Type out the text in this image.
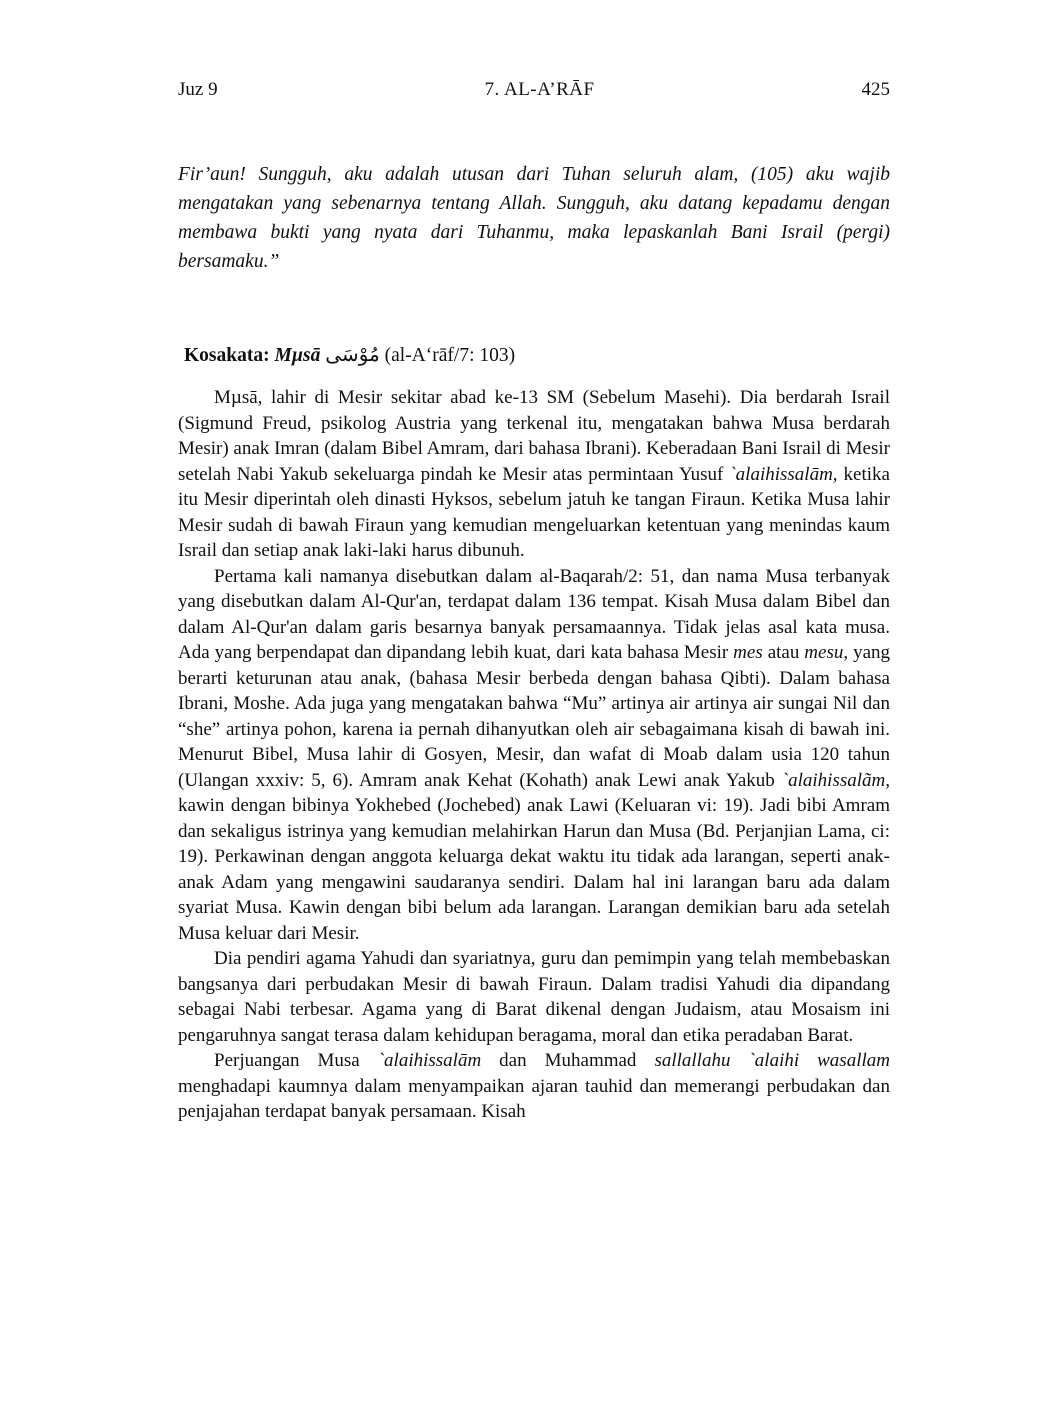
Juz 9	7. AL-A’RĀF	425
Fir’aun! Sungguh, aku adalah utusan dari Tuhan seluruh alam, (105) aku wajib mengatakan yang sebenarnya tentang Allah. Sungguh, aku datang kepadamu dengan membawa bukti yang nyata dari Tuhanmu, maka lepaskanlah Bani Israil (pergi) bersamaku.”
Kosakata: Mµsā مُوْسَى (al-A‘rāf/7: 103)

Mµsā, lahir di Mesir sekitar abad ke-13 SM (Sebelum Masehi). Dia berdarah Israil (Sigmund Freud, psikolog Austria yang terkenal itu, mengatakan bahwa Musa berdarah Mesir) anak Imran (dalam Bibel Amram, dari bahasa Ibrani). Keberadaan Bani Israil di Mesir setelah Nabi Yakub sekeluarga pindah ke Mesir atas permintaan Yusuf `alaihissalām, ketika itu Mesir diperintah oleh dinasti Hyksos, sebelum jatuh ke tangan Firaun. Ketika Musa lahir Mesir sudah di bawah Firaun yang kemudian mengeluarkan ketentuan yang menindas kaum Israil dan setiap anak laki-laki harus dibunuh.

Pertama kali namanya disebutkan dalam al-Baqarah/2: 51, dan nama Musa terbanyak yang disebutkan dalam Al-Qur'an, terdapat dalam 136 tempat. Kisah Musa dalam Bibel dan dalam Al-Qur'an dalam garis besarnya banyak persamaannya. Tidak jelas asal kata musa. Ada yang berpendapat dan dipandang lebih kuat, dari kata bahasa Mesir mes atau mesu, yang berarti keturunan atau anak, (bahasa Mesir berbeda dengan bahasa Qibti). Dalam bahasa Ibrani, Moshe. Ada juga yang mengatakan bahwa “Mu” artinya air artinya air sungai Nil dan “she” artinya pohon, karena ia pernah dihanyutkan oleh air sebagaimana kisah di bawah ini. Menurut Bibel, Musa lahir di Gosyen, Mesir, dan wafat di Moab dalam usia 120 tahun (Ulangan xxxiv: 5, 6). Amram anak Kehat (Kohath) anak Lewi anak Yakub `alaihissalãm, kawin dengan bibinya Yokhebed (Jochebed) anak Lawi (Keluaran vi: 19). Jadi bibi Amram dan sekaligus istrinya yang kemudian melahirkan Harun dan Musa (Bd. Perjanjian Lama, ci: 19). Perkawinan dengan anggota keluarga dekat waktu itu tidak ada larangan, seperti anak-anak Adam yang mengawini saudaranya sendiri. Dalam hal ini larangan baru ada dalam syariat Musa. Kawin dengan bibi belum ada larangan. Larangan demikian baru ada setelah Musa keluar dari Mesir.

Dia pendiri agama Yahudi dan syariatnya, guru dan pemimpin yang telah membebaskan bangsanya dari perbudakan Mesir di bawah Firaun. Dalam tradisi Yahudi dia dipandang sebagai Nabi terbesar. Agama yang di Barat dikenal dengan Judaism, atau Mosaism ini pengaruhnya sangat terasa dalam kehidupan beragama, moral dan etika peradaban Barat.

Perjuangan Musa `alaihissalām dan Muhammad sallallahu `alaihi wasallam menghadapi kaumnya dalam menyampaikan ajaran tauhid dan memerangi perbudakan dan penjajahan terdapat banyak persamaan. Kisah
